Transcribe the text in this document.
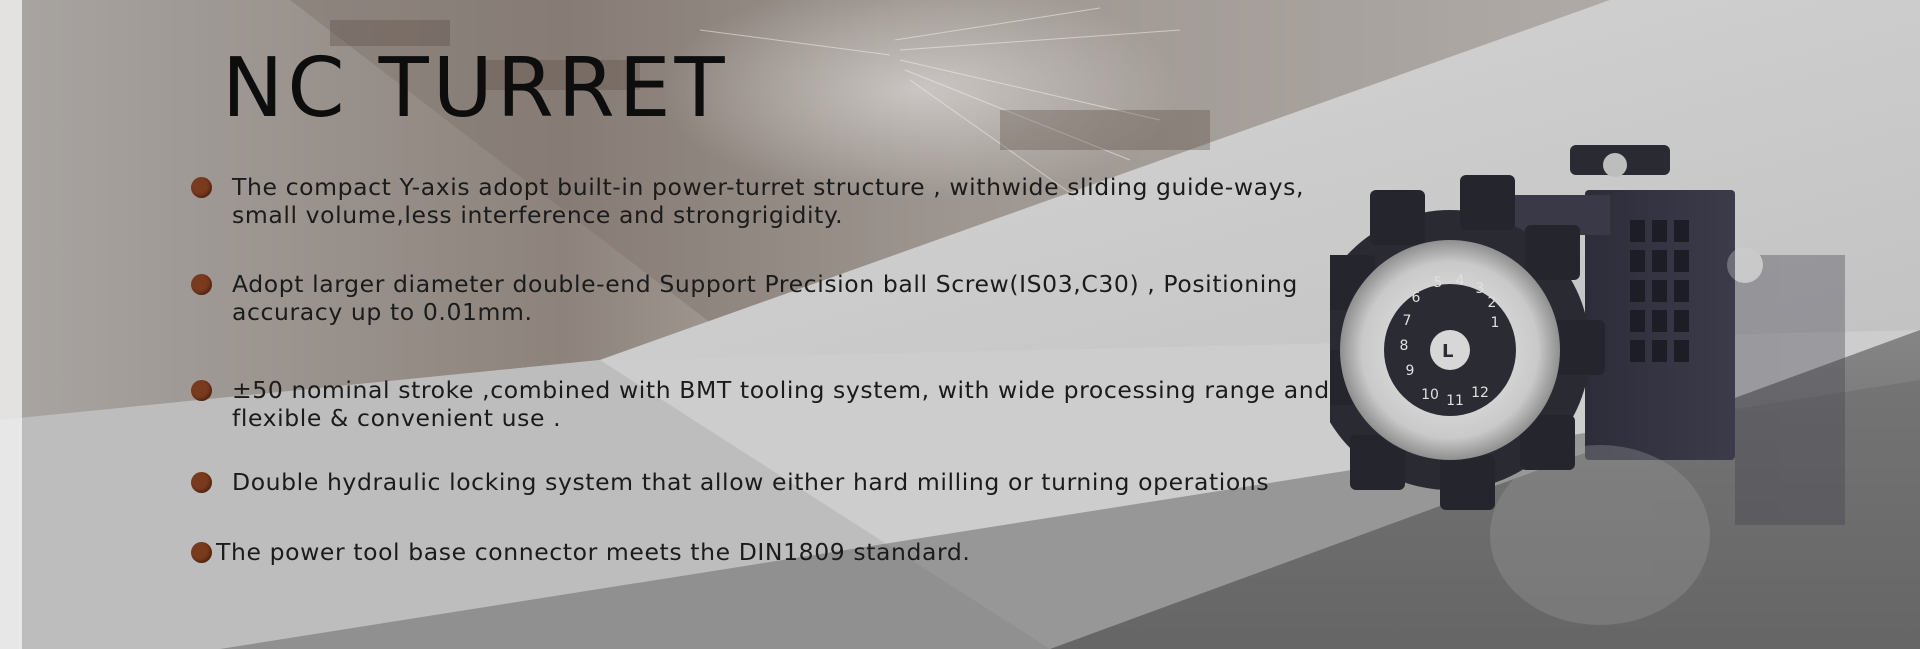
NC TURRET
The compact Y-axis adopt built-in power-turret structure , withwide sliding guide-ways,
small volume,less interference and strongrigidity.
Adopt larger diameter double-end Support Precision ball Screw(IS03,C30) , Positioning
accuracy up to 0.01mm.
±50 nominal stroke ,combined with BMT tooling system, with wide processing range and
flexible & convenient use .
Double hydraulic locking system that allow either hard milling or turning operations
The power tool base connector meets the DIN1809 standard.
L
1
2
3
4
5
6
7
8
9
10 11 12
